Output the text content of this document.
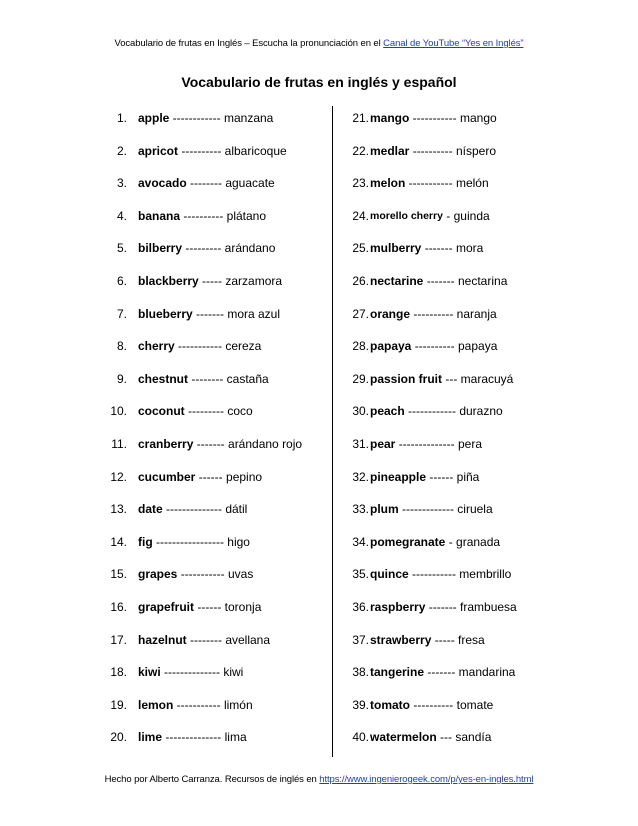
Vocabulario de frutas en Inglés – Escucha la pronunciación en el Canal de YouTube “Yes en Inglés”
Vocabulario de frutas en inglés y español
1. apple ------------ manzana
2. apricot ---------- albaricoque
3. avocado -------- aguacate
4. banana ---------- plátano
5. bilberry --------- arándano
6. blackberry ----- zarzamora
7. blueberry ------- mora azul
8. cherry ----------- cereza
9. chestnut -------- castaña
10. coconut --------- coco
11. cranberry ------- arándano rojo
12. cucumber ------ pepino
13. date -------------- dátil
14. fig ----------------- higo
15. grapes ----------- uvas
16. grapefruit ------ toronja
17. hazelnut -------- avellana
18. kiwi -------------- kiwi
19. lemon ----------- limón
20. lime -------------- lima
21. mango ----------- mango
22. medlar ---------- níspero
23. melon ----------- melón
24. morello cherry - guinda
25. mulberry ------- mora
26. nectarine ------- nectarina
27. orange ---------- naranja
28. papaya ---------- papaya
29. passion fruit --- maracuyá
30. peach ------------ durazno
31. pear -------------- pera
32. pineapple ------ piña
33. plum ------------- ciruela
34. pomegranate - granada
35. quince ----------- membrillo
36. raspberry ------- frambuesa
37. strawberry ----- fresa
38. tangerine ------- mandarina
39. tomato ---------- tomate
40. watermelon --- sandía
Hecho por Alberto Carranza. Recursos de inglés en https://www.ingenierogeek.com/p/yes-en-ingles.html
